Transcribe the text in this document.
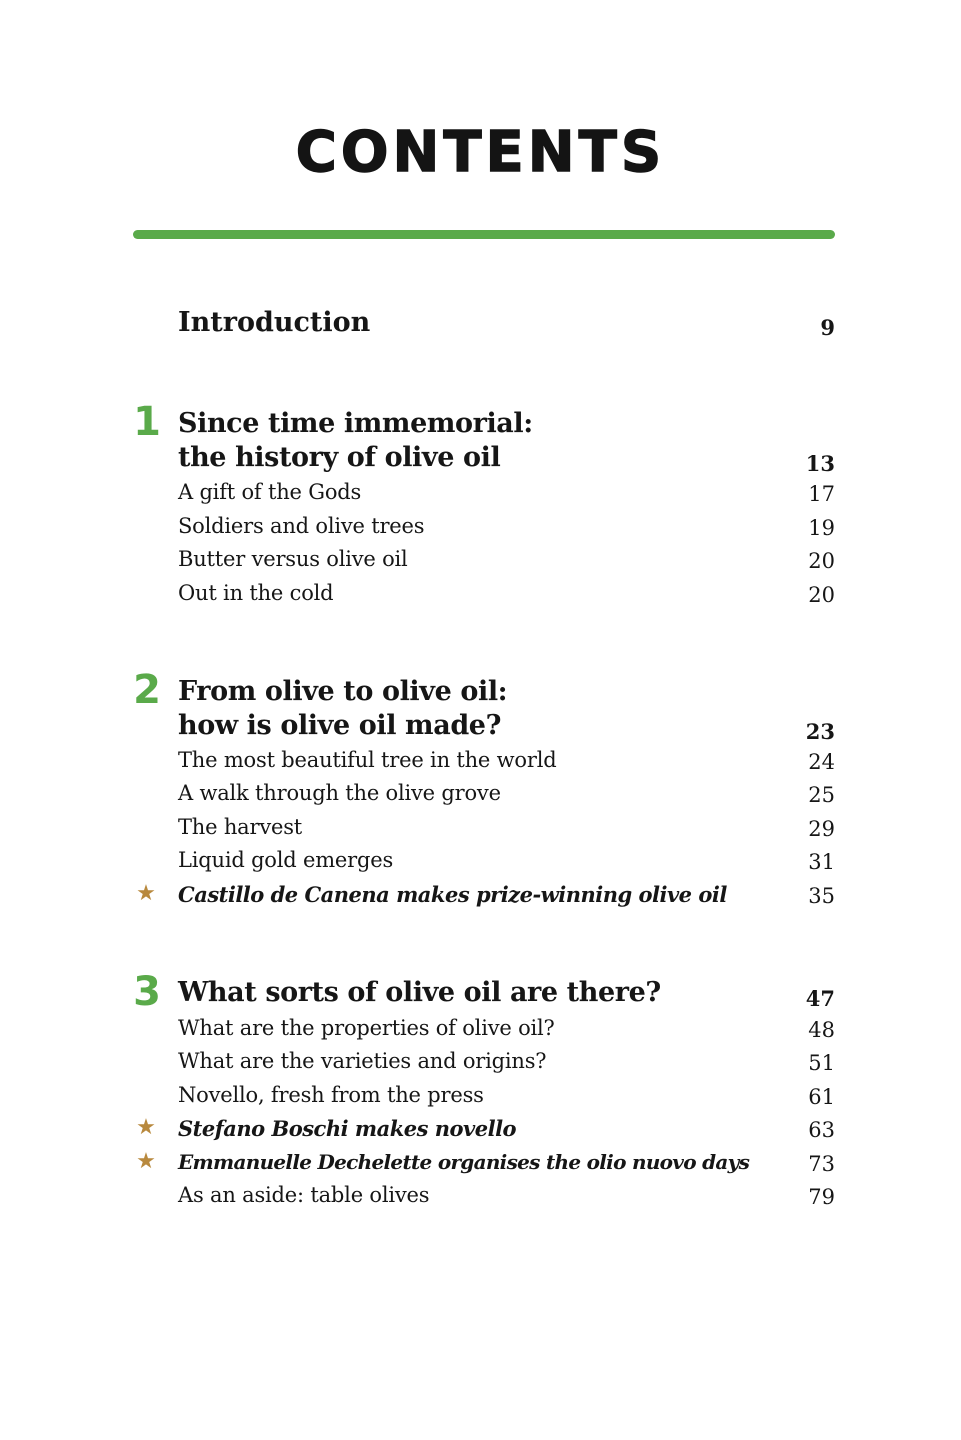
CONTENTS
Introduction	9
1 Since time immemorial:
the history of olive oil	13
A gift of the Gods	17
Soldiers and olive trees	19
Butter versus olive oil	20
Out in the cold	20
2 From olive to olive oil:
how is olive oil made?	23
The most beautiful tree in the world	24
A walk through the olive grove	25
The harvest	29
Liquid gold emerges	31
★ Castillo de Canena makes prize-winning olive oil	35
3 What sorts of olive oil are there?	47
What are the properties of olive oil?	48
What are the varieties and origins?	51
Novello, fresh from the press	61
★ Stefano Boschi makes novello	63
★ Emmanuelle Dechelette organises the olio nuovo days	73
As an aside: table olives	79
